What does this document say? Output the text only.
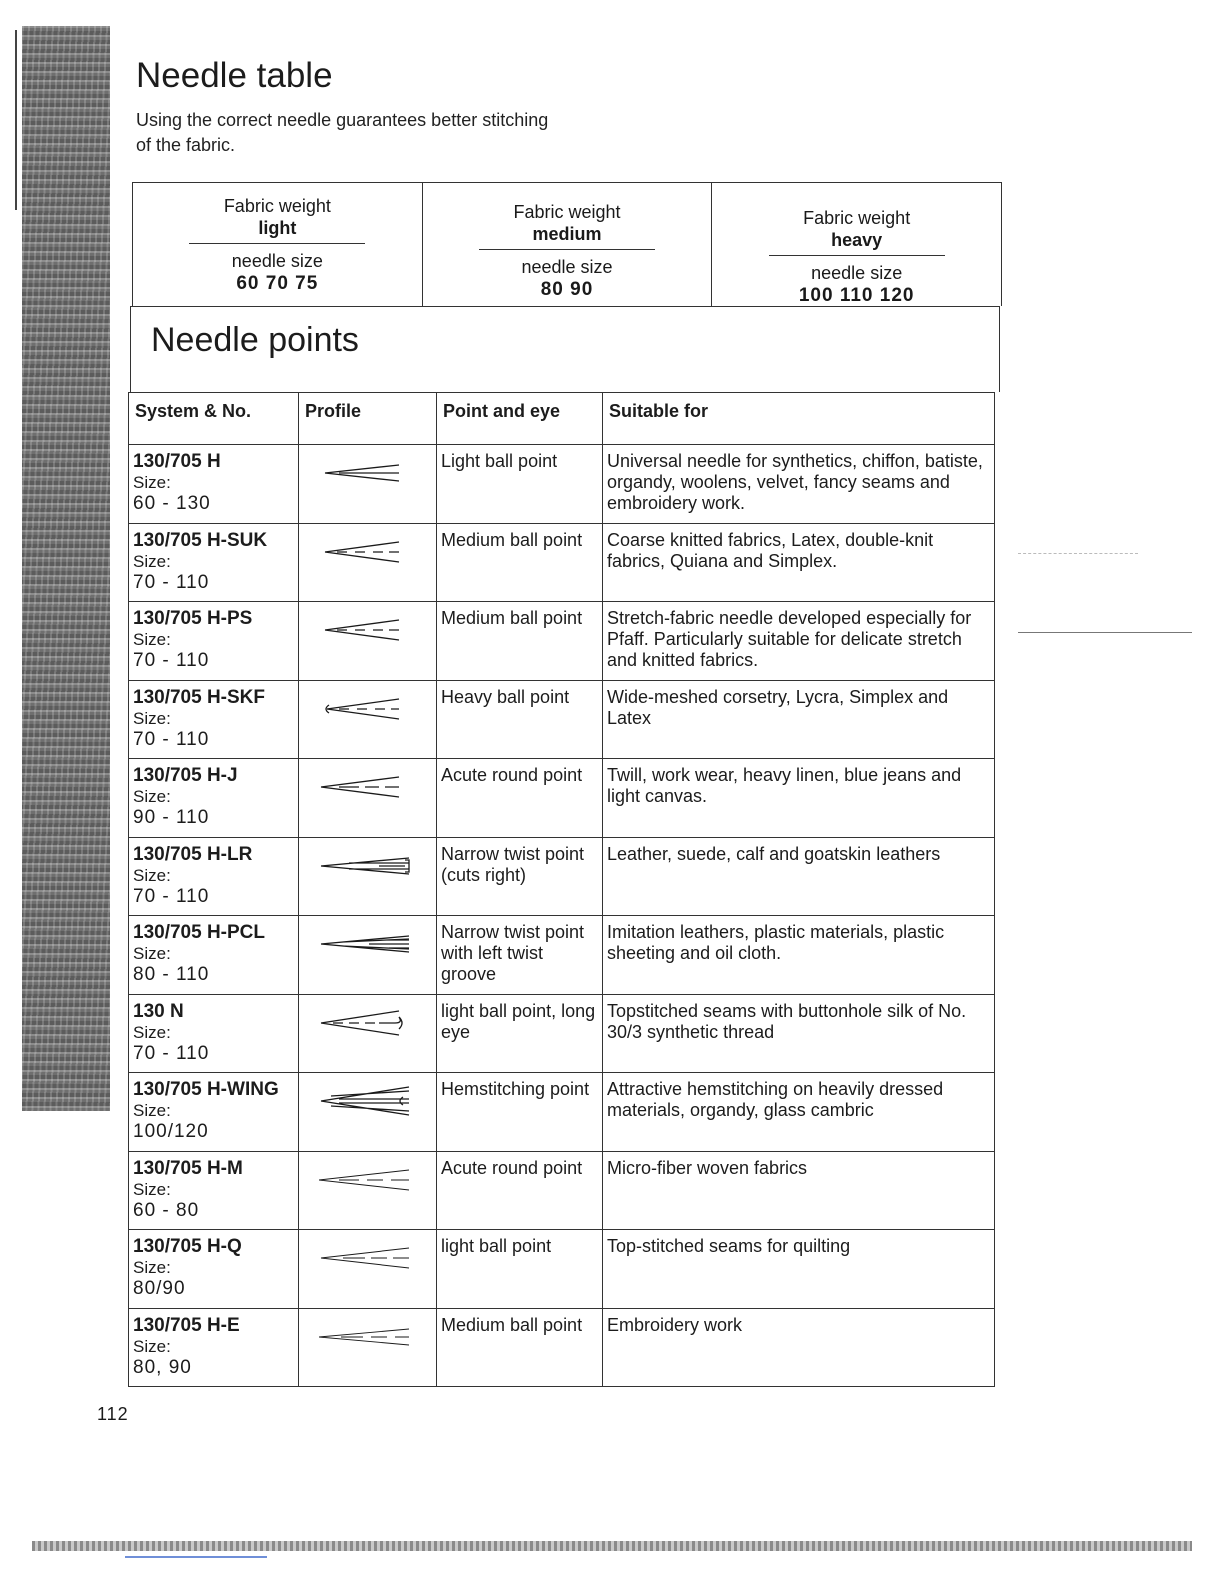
Needle table

Using the correct needle guarantees better stitching of the fabric.

Fabric weight
light
needle size
60 70 75
Fabric weight
medium
needle size
80 90
Fabric weight
heavy
needle size
100 110 120
Needle points
System & No.	Profile	Point and eye	Suitable for

130/705 H
Size:
60 - 130		Light ball point	Universal needle for synthetics, chiffon, batiste, organdy, woolens, velvet, fancy seams and embroidery work.

130/705 H-SUK
Size:
70 - 110		Medium ball point	Coarse knitted fabrics, Latex, double-knit fabrics, Quiana and Simplex.

130/705 H-PS
Size:
70 - 110		Medium ball point	Stretch-fabric needle developed especially for Pfaff. Particularly suitable for delicate stretch and knitted fabrics.

130/705 H-SKF
Size:
70 - 110		Heavy ball point	Wide-meshed corsetry, Lycra, Simplex and Latex

130/705 H-J
Size:
90 - 110		Acute round point	Twill, work wear, heavy linen, blue jeans and light canvas.

130/705 H-LR
Size:
70 - 110		Narrow twist point (cuts right)	Leather, suede, calf and goatskin leathers

130/705 H-PCL
Size:
80 - 110		Narrow twist point with left twist groove	Imitation leathers, plastic materials, plastic sheeting and oil cloth.

130 N
Size:
70 - 110		light ball point, long eye	Topstitched seams with buttonhole silk of No. 30/3 synthetic thread

130/705 H-WING
Size:
100/120		Hemstitching point	Attractive hemstitching on heavily dressed materials, organdy, glass cambric

130/705 H-M
Size:
60 - 80		Acute round point	Micro-fiber woven fabrics

130/705 H-Q
Size:
80/90		light ball point	Top-stitched seams for quilting

130/705 H-E
Size:
80, 90		Medium ball point	Embroidery work
112
